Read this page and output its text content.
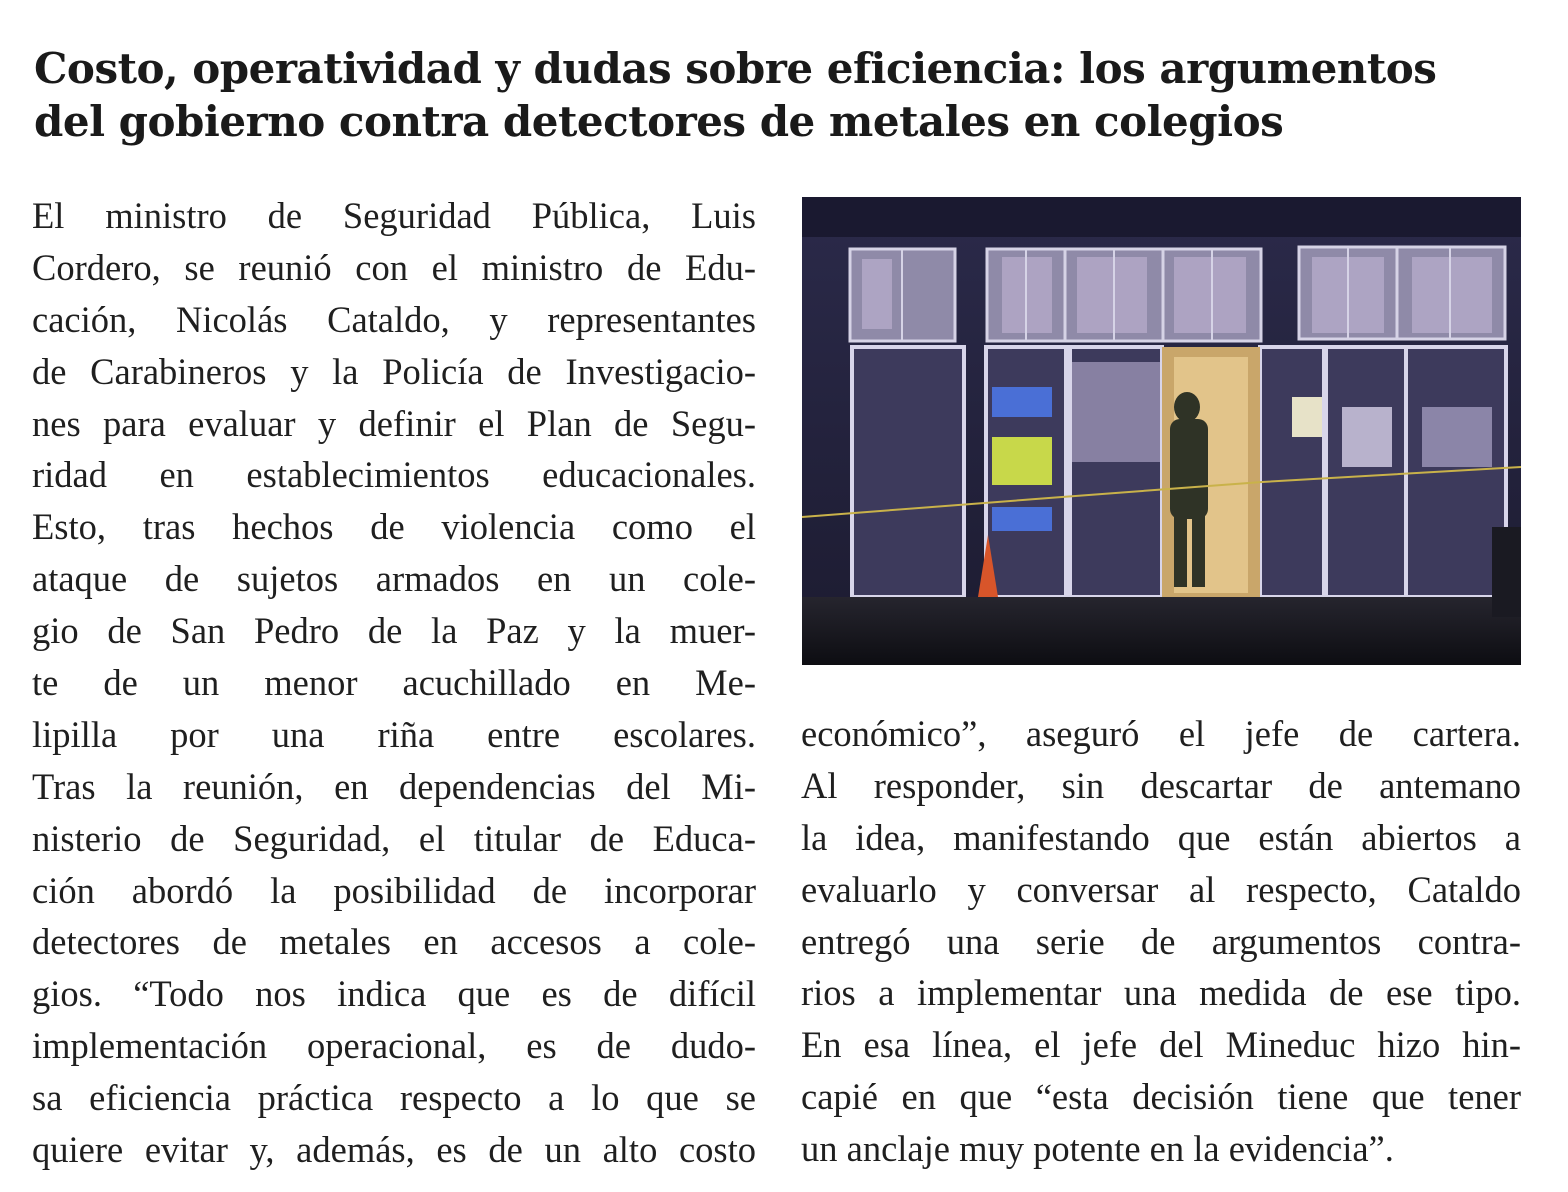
Costo, operatividad y dudas sobre eficiencia: los argumentos
del gobierno contra detectores de metales en colegios
El ministro de Seguridad Pública, Luis
Cordero, se reunió con el ministro de Edu-
cación, Nicolás Cataldo, y representantes
de Carabineros y la Policía de Investigacio-
nes para evaluar y definir el Plan de Segu-
ridad en establecimientos educacionales.
Esto, tras hechos de violencia como el
ataque de sujetos armados en un cole-
gio de San Pedro de la Paz y la muer-
te de un menor acuchillado en Me-
lipilla por una riña entre escolares.
Tras la reunión, en dependencias del Mi-
nisterio de Seguridad, el titular de Educa-
ción abordó la posibilidad de incorporar
detectores de metales en accesos a cole-
gios. “Todo nos indica que es de difícil
implementación operacional, es de dudo-
sa eficiencia práctica respecto a lo que se
quiere evitar y, además, es de un alto costo
económico”, aseguró el jefe de cartera.
Al responder, sin descartar de antemano
la idea, manifestando que están abiertos a
evaluarlo y conversar al respecto, Cataldo
entregó una serie de argumentos contra-
rios a implementar una medida de ese tipo.
En esa línea, el jefe del Mineduc hizo hin-
capié en que “esta decisión tiene que tener
un anclaje muy potente en la evidencia”.
